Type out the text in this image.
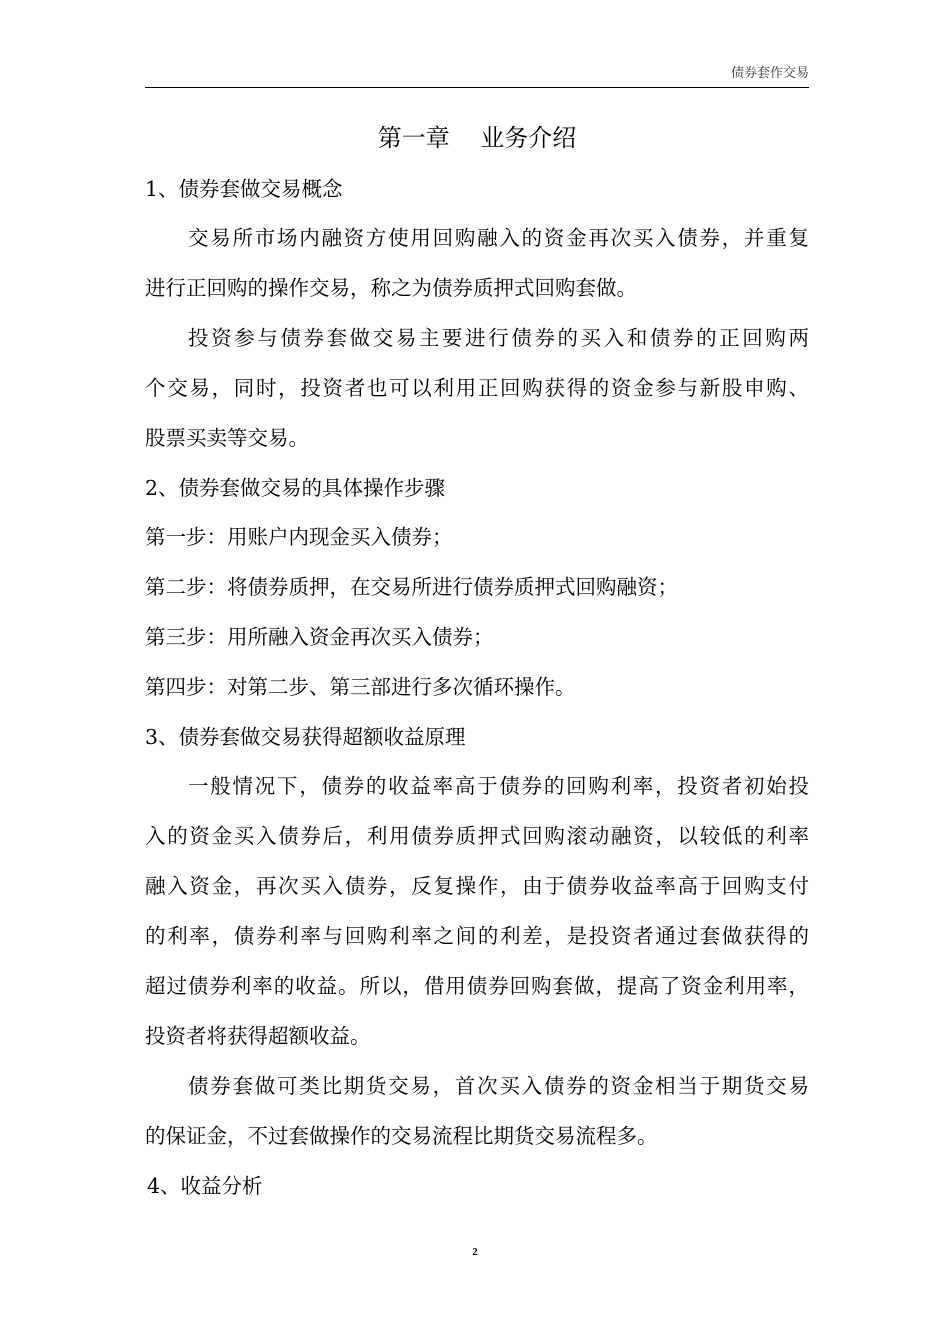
债券套作交易
第一章    业务介绍
1、债券套做交易概念
交易所市场内融资方使用回购融入的资金再次买入债券，并重复
进行正回购的操作交易，称之为债券质押式回购套做。
投资参与债券套做交易主要进行债券的买入和债券的正回购两
个交易，同时，投资者也可以利用正回购获得的资金参与新股申购、
股票买卖等交易。
2、债券套做交易的具体操作步骤
第一步：用账户内现金买入债券；
第二步：将债券质押，在交易所进行债券质押式回购融资；
第三步：用所融入资金再次买入债券；
第四步：对第二步、第三部进行多次循环操作。
3、债券套做交易获得超额收益原理
一般情况下，债券的收益率高于债券的回购利率，投资者初始投
入的资金买入债券后，利用债券质押式回购滚动融资，以较低的利率
融入资金，再次买入债券，反复操作，由于债券收益率高于回购支付
的利率，债券利率与回购利率之间的利差，是投资者通过套做获得的
超过债券利率的收益。所以，借用债券回购套做，提高了资金利用率，
投资者将获得超额收益。
债券套做可类比期货交易，首次买入债券的资金相当于期货交易
的保证金，不过套做操作的交易流程比期货交易流程多。
4、收益分析
2
